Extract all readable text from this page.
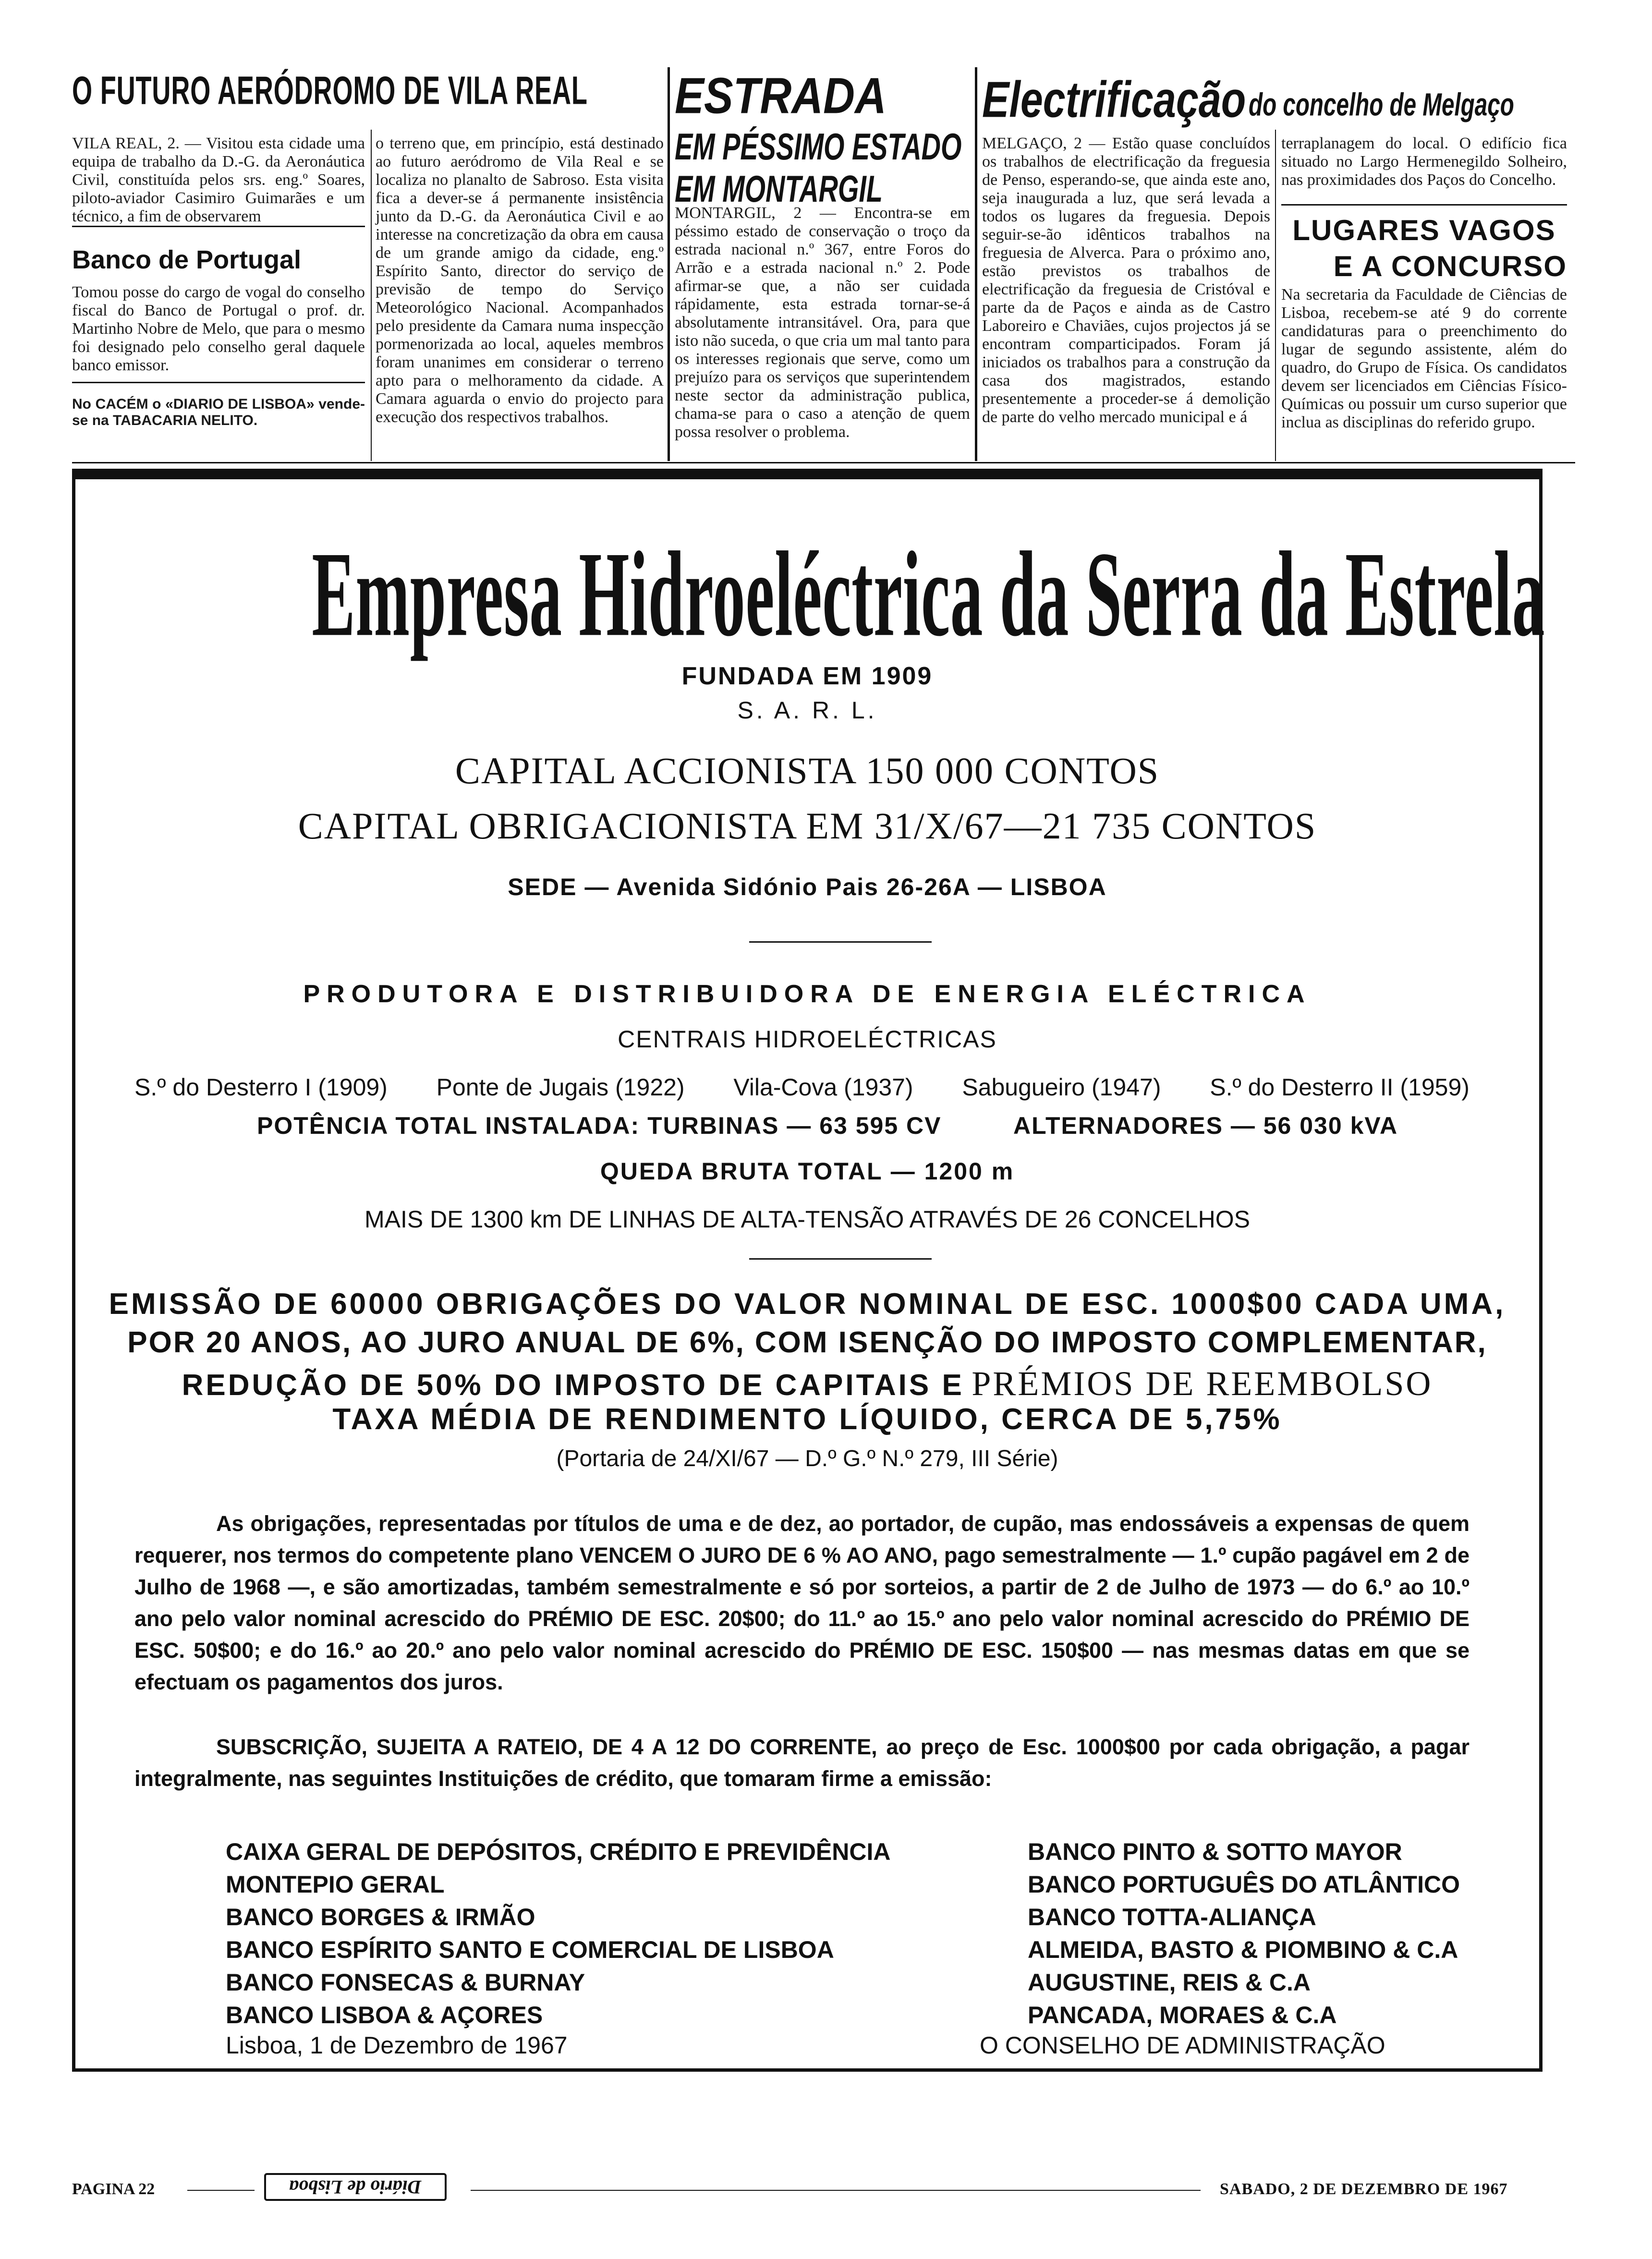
O FUTURO AERÓDROMO DE VILA REAL

VILA REAL, 2. — Visitou esta cidade uma equipa de trabalho da D.-G. da Aeronáutica Civil, constituída pelos srs. eng.º Soares, piloto-aviador Casimiro Guimarães e um técnico, a fim de observarem

Banco de Portugal

Tomou posse do cargo de vogal do conselho fiscal do Banco de Portugal o prof. dr. Martinho Nobre de Melo, que para o mesmo foi designado pelo conselho geral daquele banco emissor.

No CACÉM o «DIARIO DE LISBOA» vende-se na TABACARIA NELITO.

o terreno que, em princípio, está destinado ao futuro aeródromo de Vila Real e se localiza no planalto de Sabroso. Esta visita fica a dever-se á permanente insistência junto da D.-G. da Aeronáutica Civil e ao interesse na concretização da obra em causa de um grande amigo da cidade, eng.º Espírito Santo, director do serviço de previsão de tempo do Serviço Meteorológico Nacional. Acompanhados pelo presidente da Camara numa inspecção pormenorizada ao local, aqueles membros foram unanimes em considerar o terreno apto para o melhoramento da cidade. A Camara aguarda o envio do projecto para execução dos respectivos trabalhos.

ESTRADA
EM PÉSSIMO ESTADO
EM MONTARGIL

MONTARGIL, 2 — Encontra-se em péssimo estado de conservação o troço da estrada nacional n.º 367, entre Foros do Arrão e a estrada nacional n.º 2. Pode afirmar-se que, a não ser cuidada rápidamente, esta estrada tornar-se-á absolutamente intransitável. Ora, para que isto não suceda, o que cria um mal tanto para os interesses regionais que serve, como um prejuízo para os serviços que superintendem neste sector da administração publica, chama-se para o caso a atenção de quem possa resolver o problema.

Electrificação do concelho de Melgaço

MELGAÇO, 2 — Estão quase concluídos os trabalhos de electrificação da freguesia de Penso, esperando-se, que ainda este ano, seja inaugurada a luz, que será levada a todos os lugares da freguesia. Depois seguir-se-ão idênticos trabalhos na freguesia de Alverca. Para o próximo ano, estão previstos os trabalhos de electrificação da freguesia de Cristóval e parte da de Paços e ainda as de Castro Laboreiro e Chaviães, cujos projectos já se encontram comparticipados. Foram já iniciados os trabalhos para a construção da casa dos magistrados, estando presentemente a proceder-se á demolição de parte do velho mercado municipal e á

terraplanagem do local. O edifício fica situado no Largo Hermenegildo Solheiro, nas proximidades dos Paços do Concelho.

LUGARES VAGOS
E A CONCURSO

Na secretaria da Faculdade de Ciências de Lisboa, recebem-se até 9 do corrente candidaturas para o preenchimento do lugar de segundo assistente, além do quadro, do Grupo de Física. Os candidatos devem ser licenciados em Ciências Físico-Químicas ou possuir um curso superior que inclua as disciplinas do referido grupo.

Empresa Hidroeléctrica da Serra da Estrela
FUNDADA EM 1909
S. A. R. L.
CAPITAL ACCIONISTA 150 000 CONTOS
CAPITAL OBRIGACIONISTA EM 31/X/67—21 735 CONTOS
SEDE — Avenida Sidónio Pais 26-26A — LISBOA
PRODUTORA E DISTRIBUIDORA DE ENERGIA ELÉCTRICA
CENTRAIS HIDROELÉCTRICAS
S.º do Desterro I (1909) Ponte de Jugais (1922) Vila-Cova (1937) Sabugueiro (1947) S.º do Desterro II (1959)
POTÊNCIA TOTAL INSTALADA: TURBINAS — 63 595 CV	ALTERNADORES — 56 030 kVA
QUEDA BRUTA TOTAL — 1200 m
MAIS DE 1300 km DE LINHAS DE ALTA-TENSÃO ATRAVÉS DE 26 CONCELHOS
EMISSÃO DE 60000 OBRIGAÇÕES DO VALOR NOMINAL DE ESC. 1000$00 CADA UMA,
POR 20 ANOS, AO JURO ANUAL DE 6%, COM ISENÇÃO DO IMPOSTO COMPLEMENTAR,
REDUÇÃO DE 50% DO IMPOSTO DE CAPITAIS E PRÉMIOS DE REEMBOLSO
TAXA MÉDIA DE RENDIMENTO LÍQUIDO, CERCA DE 5,75%
(Portaria de 24/XI/67 — D.º G.º N.º 279, III Série)

As obrigações, representadas por títulos de uma e de dez, ao portador, de cupão, mas endossáveis a expensas de quem requerer, nos termos do competente plano VENCEM O JURO DE 6 % AO ANO, pago semestralmente — 1.º cupão pagável em 2 de Julho de 1968 —, e são amortizadas, também semestralmente e só por sorteios, a partir de 2 de Julho de 1973 — do 6.º ao 10.º ano pelo valor nominal acrescido do PRÉMIO DE ESC. 20$00; do 11.º ao 15.º ano pelo valor nominal acrescido do PRÉMIO DE ESC. 50$00; e do 16.º ao 20.º ano pelo valor nominal acrescido do PRÉMIO DE ESC. 150$00 — nas mesmas datas em que se efectuam os pagamentos dos juros.

SUBSCRIÇÃO, SUJEITA A RATEIO, DE 4 A 12 DO CORRENTE, ao preço de Esc. 1000$00 por cada obrigação, a pagar integralmente, nas seguintes Instituições de crédito, que tomaram firme a emissão:

CAIXA GERAL DE DEPÓSITOS, CRÉDITO E PREVIDÊNCIA
MONTEPIO GERAL
BANCO BORGES & IRMÃO
BANCO ESPÍRITO SANTO E COMERCIAL DE LISBOA
BANCO FONSECAS & BURNAY
BANCO LISBOA & AÇORES
BANCO PINTO & SOTTO MAYOR
BANCO PORTUGUÊS DO ATLÂNTICO
BANCO TOTTA-ALIANÇA
ALMEIDA, BASTO & PIOMBINO & C.A
AUGUSTINE, REIS & C.A
PANCADA, MORAES & C.A
Lisboa, 1 de Dezembro de 1967	O CONSELHO DE ADMINISTRAÇÃO
PAGINA 22	Diário de Lisboa	SABADO, 2 DE DEZEMBRO DE 1967
